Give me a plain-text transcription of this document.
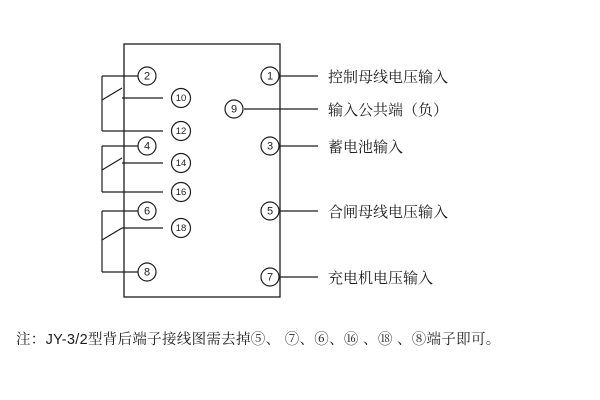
2
10
12
4
14
16
6
18
8
1	控制母线电压输入
9	输入公共端（负）
3	蓄电池输入
5	合闸母线电压输入
7	充电机电压输入
注：JY-3/2型背后端子接线图需去掉⑤、 ⑦、⑥、⑯ 、⑱ 、⑧端子即可。
